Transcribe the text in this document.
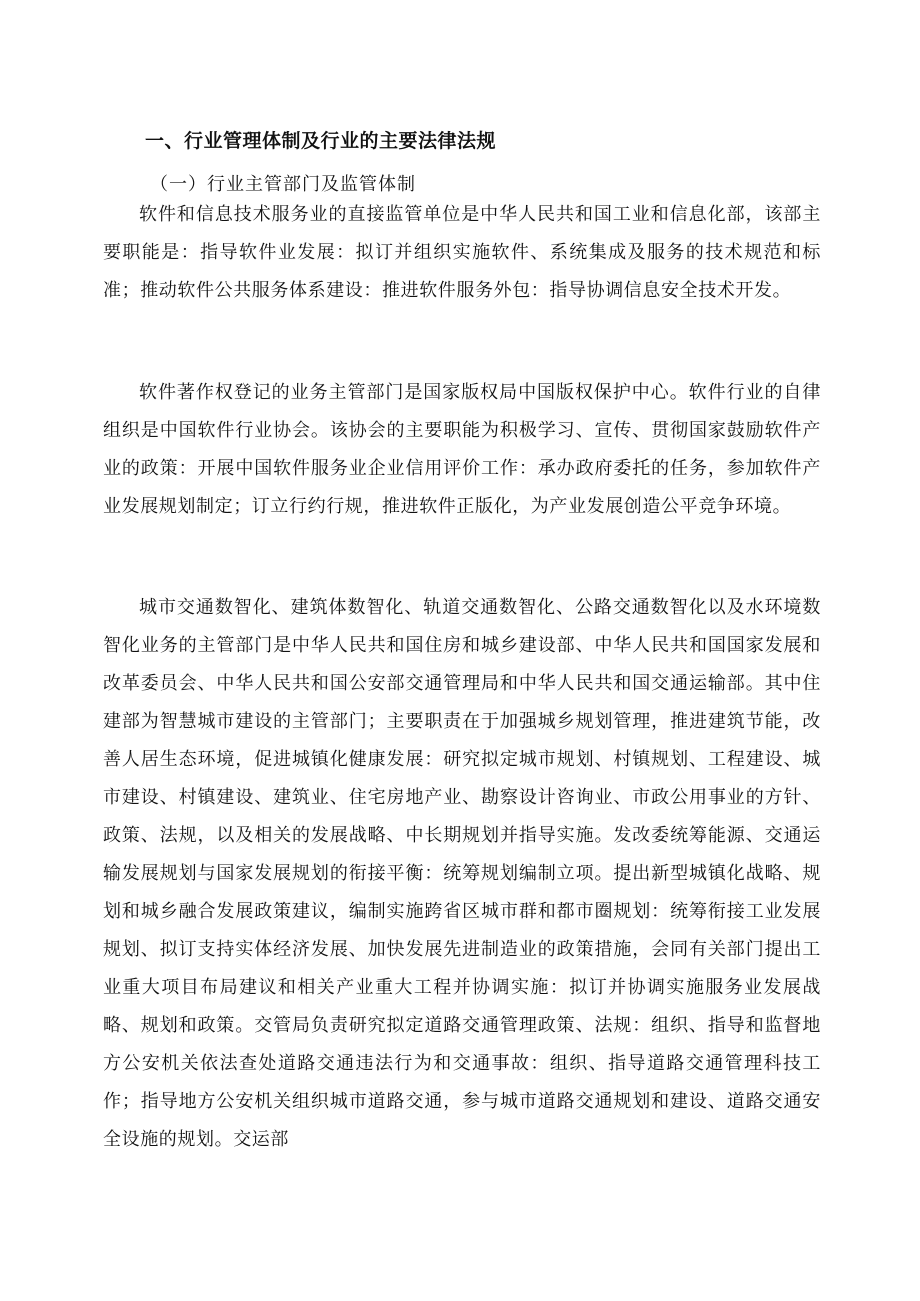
一、行业管理体制及行业的主要法律法规
（一）行业主管部门及监管体制

软件和信息技术服务业的直接监管单位是中华人民共和国工业和信息化部，该部主要职能是：指导软件业发展：拟订并组织实施软件、系统集成及服务的技术规范和标准；推动软件公共服务体系建设：推进软件服务外包：指导协调信息安全技术开发。

软件著作权登记的业务主管部门是国家版权局中国版权保护中心。软件行业的自律组织是中国软件行业协会。该协会的主要职能为积极学习、宣传、贯彻国家鼓励软件产业的政策：开展中国软件服务业企业信用评价工作：承办政府委托的任务，参加软件产业发展规划制定；订立行约行规，推进软件正版化，为产业发展创造公平竞争环境。

城市交通数智化、建筑体数智化、轨道交通数智化、公路交通数智化以及水环境数智化业务的主管部门是中华人民共和国住房和城乡建设部、中华人民共和国国家发展和改革委员会、中华人民共和国公安部交通管理局和中华人民共和国交通运输部。其中住建部为智慧城市建设的主管部门；主要职责在于加强城乡规划管理，推进建筑节能，改善人居生态环境，促进城镇化健康发展：研究拟定城市规划、村镇规划、工程建设、城市建设、村镇建设、建筑业、住宅房地产业、勘察设计咨询业、市政公用事业的方针、政策、法规，以及相关的发展战略、中长期规划并指导实施。发改委统筹能源、交通运输发展规划与国家发展规划的衔接平衡：统筹规划编制立项。提出新型城镇化战略、规划和城乡融合发展政策建议，编制实施跨省区城市群和都市圈规划：统筹衔接工业发展规划、拟订支持实体经济发展、加快发展先进制造业的政策措施，会同有关部门提出工业重大项目布局建议和相关产业重大工程并协调实施：拟订并协调实施服务业发展战略、规划和政策。交管局负责研究拟定道路交通管理政策、法规：组织、指导和监督地方公安机关依法查处道路交通违法行为和交通事故：组织、指导道路交通管理科技工作；指导地方公安机关组织城市道路交通，参与城市道路交通规划和建设、道路交通安全设施的规划。交运部
